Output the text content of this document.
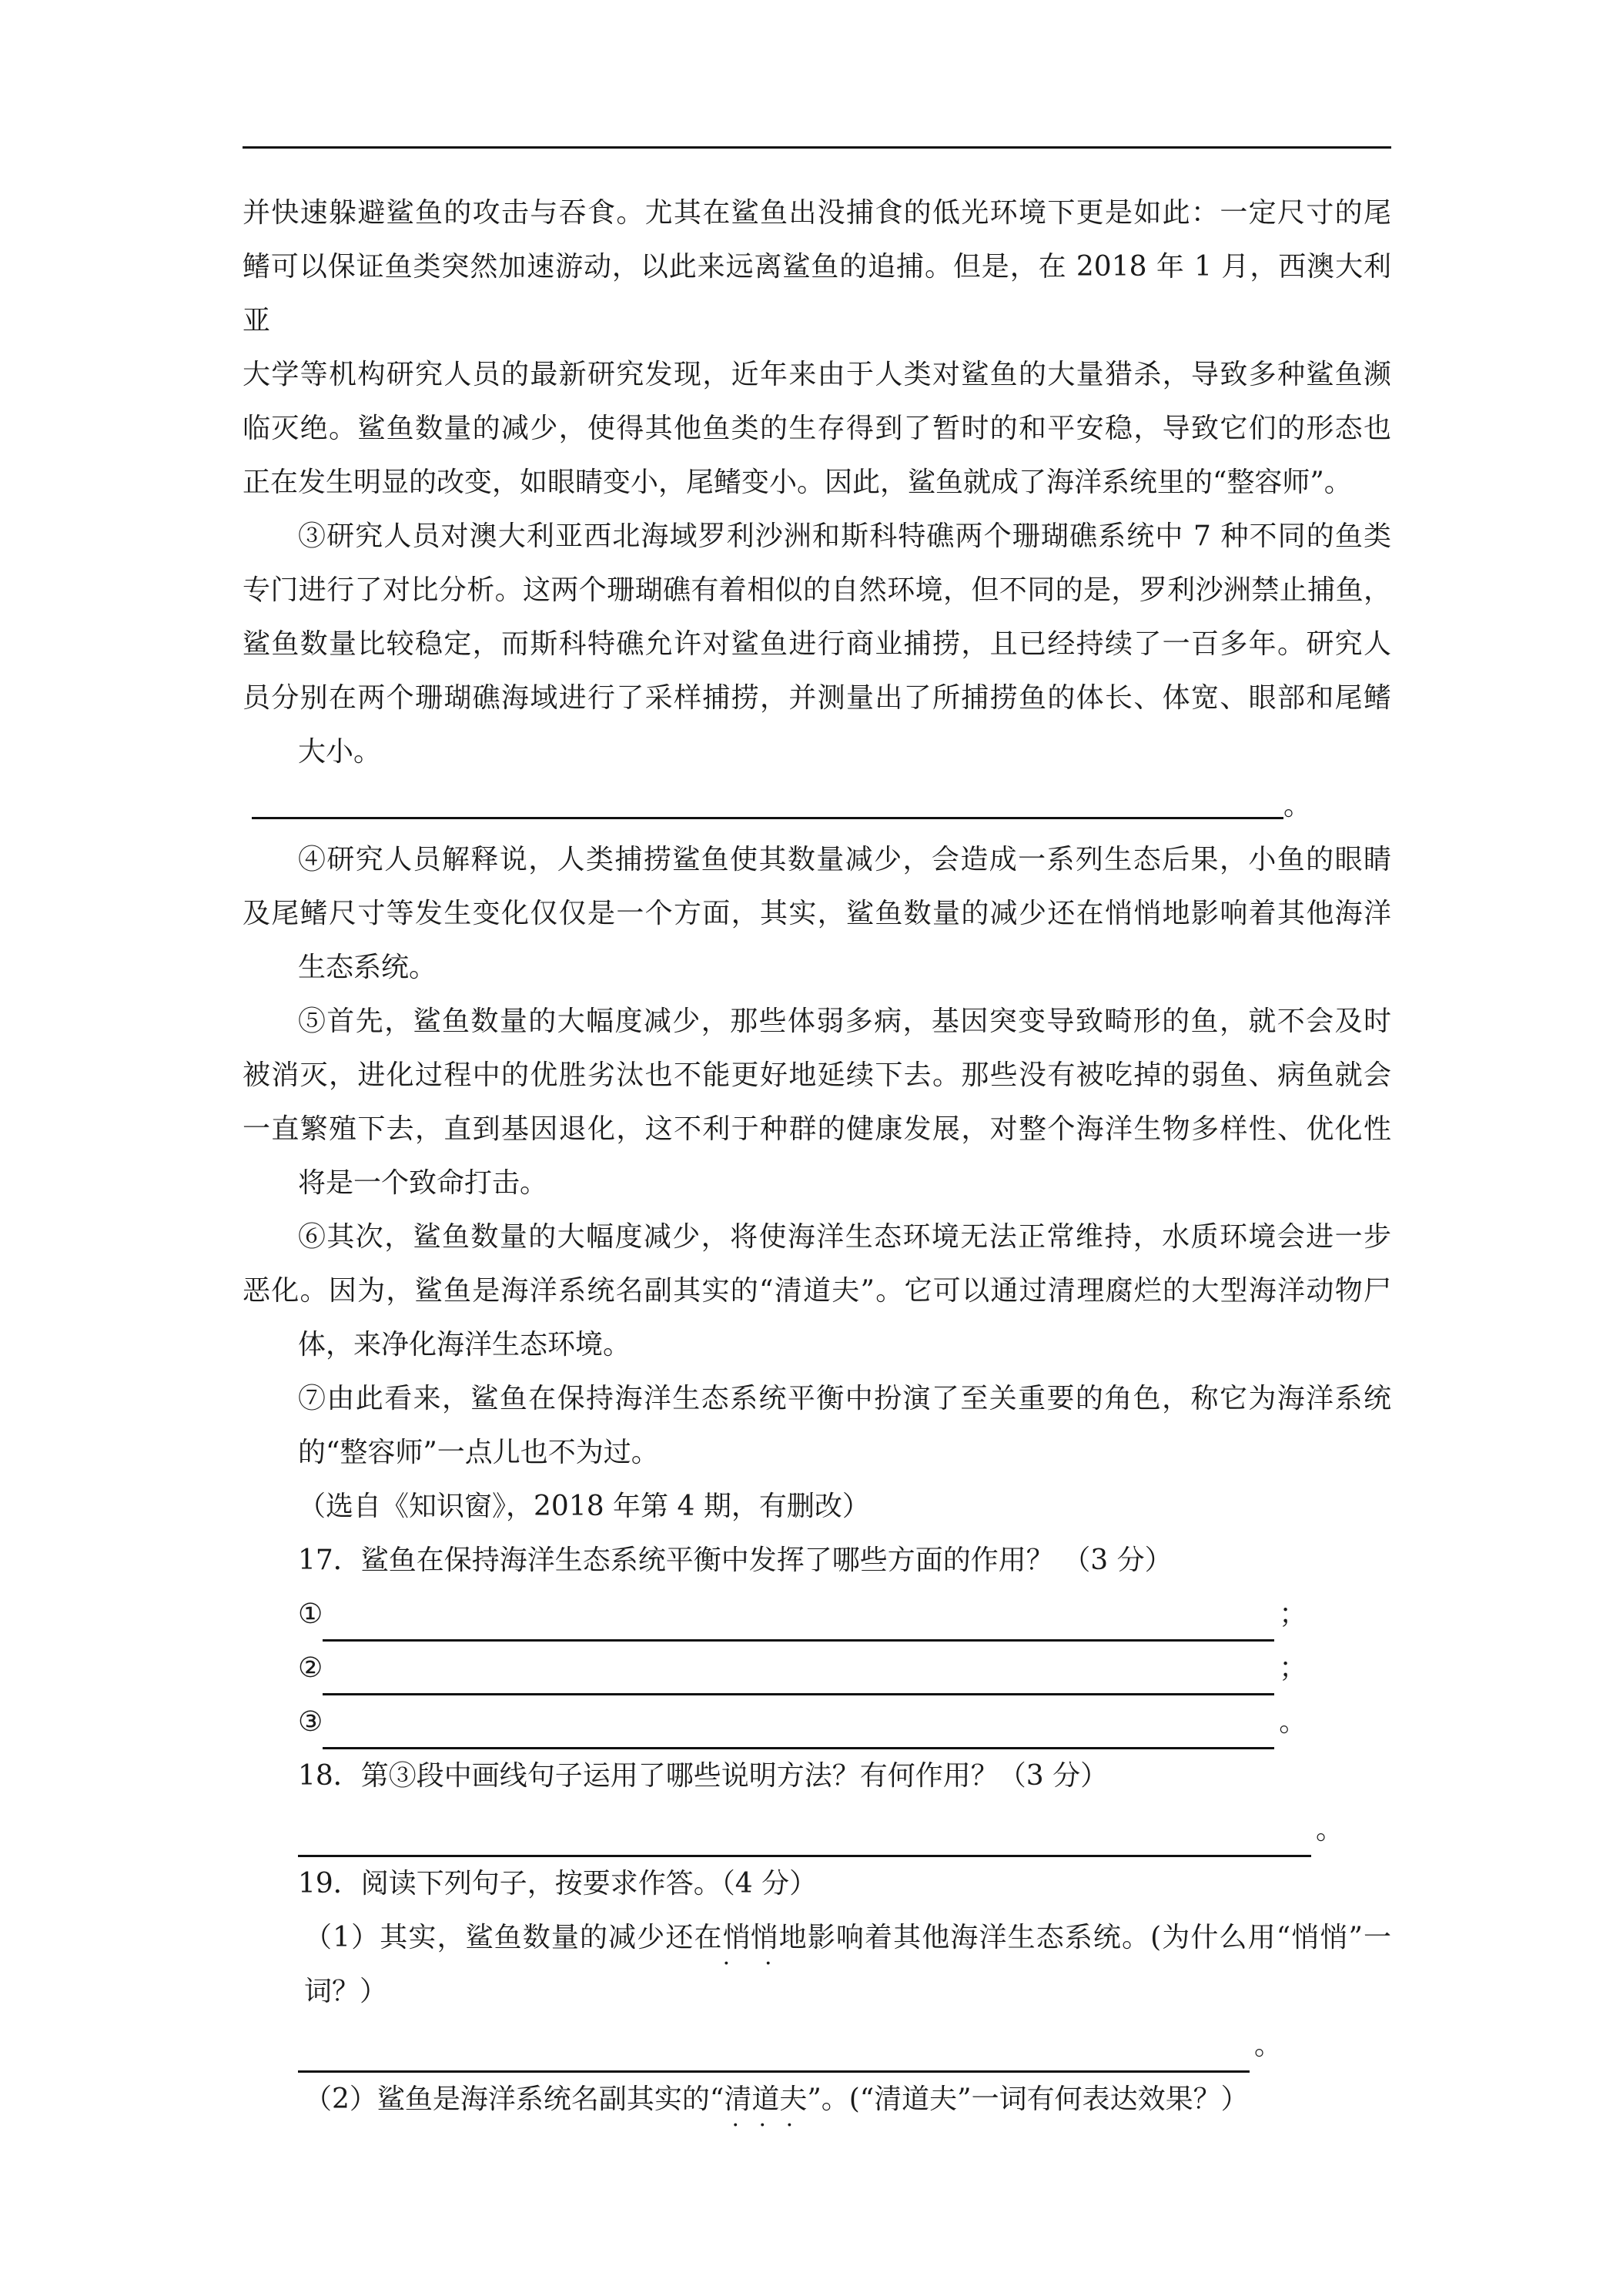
并快速躲避鲨鱼的攻击与吞食。尤其在鲨鱼出没捕食的低光环境下更是如此：一定尺寸的尾
鳍可以保证鱼类突然加速游动，以此来远离鲨鱼的追捕。但是，在 2018 年 1 月，西澳大利亚
大学等机构研究人员的最新研究发现，近年来由于人类对鲨鱼的大量猎杀，导致多种鲨鱼濒
临灭绝。鲨鱼数量的减少，使得其他鱼类的生存得到了暂时的和平安稳，导致它们的形态也

正在发生明显的改变，如眼睛变小，尾鳍变小。因此，鲨鱼就成了海洋系统里的“整容师”。

③研究人员对澳大利亚西北海域罗利沙洲和斯科特礁两个珊瑚礁系统中 7 种不同的鱼类
专门进行了对比分析。这两个珊瑚礁有着相似的自然环境，但不同的是，罗利沙洲禁止捕鱼，
鲨鱼数量比较稳定，而斯科特礁允许对鲨鱼进行商业捕捞，且已经持续了一百多年。研究人
员分别在两个珊瑚礁海域进行了采样捕捞，并测量出了所捕捞鱼的体长、体宽、眼部和尾鳍

大小。。

④研究人员解释说，人类捕捞鲨鱼使其数量减少，会造成一系列生态后果，小鱼的眼睛
及尾鳍尺寸等发生变化仅仅是一个方面，其实，鲨鱼数量的减少还在悄悄地影响着其他海洋

生态系统。

⑤首先，鲨鱼数量的大幅度减少，那些体弱多病，基因突变导致畸形的鱼，就不会及时
被消灭，进化过程中的优胜劣汰也不能更好地延续下去。那些没有被吃掉的弱鱼、病鱼就会
一直繁殖下去，直到基因退化，这不利于种群的健康发展，对整个海洋生物多样性、优化性

将是一个致命打击。

⑥其次，鲨鱼数量的大幅度减少，将使海洋生态环境无法正常维持，水质环境会进一步
恶化。因为，鲨鱼是海洋系统名副其实的“清道夫”。它可以通过清理腐烂的大型海洋动物尸

体，来净化海洋生态环境。

⑦由此看来，鲨鱼在保持海洋生态系统平衡中扮演了至关重要的角色，称它为海洋系统

的“整容师”一点儿也不为过。

（选自《知识窗》，2018 年第 4 期，有删改）

17．鲨鱼在保持海洋生态系统平衡中发挥了哪些方面的作用？ （3 分）

①	；
②	；
③	。

18．第③段中画线句子运用了哪些说明方法？有何作用？（3 分）

。

19．阅读下列句子，按要求作答。（4 分）

（1）其实，鲨鱼数量的减少还在悄悄 · ·地影响着其他海洋生态系统。(为什么用“悄悄”一

词？）

。

（2）鲨鱼是海洋系统名副其实的“清道夫 · · ·”。(“清道夫”一词有何表达效果？）
